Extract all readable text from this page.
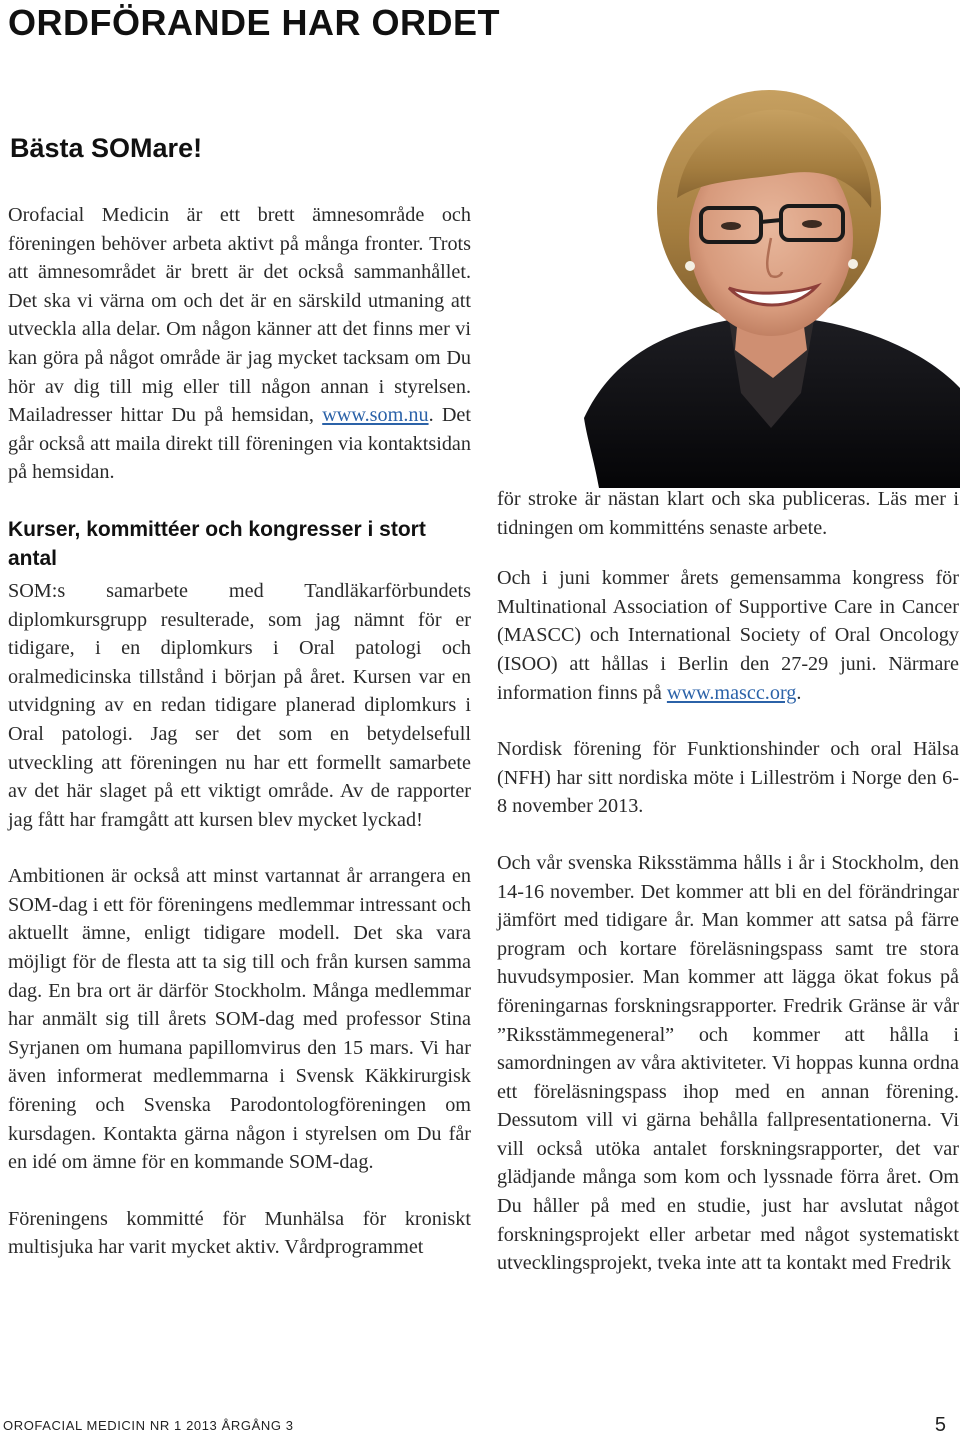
ORDFÖRANDE HAR ORDET
Bästa SOMare!

Orofacial Medicin är ett brett ämnesområde och föreningen behöver arbeta aktivt på många fronter. Trots att ämnesområdet är brett är det också sammanhållet. Det ska vi värna om och det är en särskild utmaning att utveckla alla delar. Om någon känner att det finns mer vi kan göra på något område är jag mycket tacksam om Du hör av dig till mig eller till någon annan i styrelsen. Mailadresser hittar Du på hemsidan, www.som.nu. Det går också att maila direkt till föreningen via kontaktsidan på hemsidan.

Kurser, kommittéer och kongresser i stort antal

SOM:s samarbete med Tandläkarförbundets diplomkursgrupp resulterade, som jag nämnt för er tidigare, i en diplomkurs i Oral patologi och oralmedicinska tillstånd i början på året. Kursen var en utvidgning av en redan tidigare planerad diplomkurs i Oral patologi. Jag ser det som en betydelsefull utveckling att föreningen nu har ett formellt samarbete av det här slaget på ett viktigt område. Av de rapporter jag fått har framgått att kursen blev mycket lyckad!

Ambitionen är också att minst vartannat år arrangera en SOM-dag i ett för föreningens medlemmar intressant och aktuellt ämne, enligt tidigare modell. Det ska vara möjligt för de flesta att ta sig till och från kursen samma dag. En bra ort är därför Stockholm. Många medlemmar har anmält sig till årets SOM-dag med professor Stina Syrjanen om humana papillomvirus den 15 mars. Vi har även informerat medlemmarna i Svensk Käkkirurgisk förening och Svenska Parodontologföreningen om kursdagen. Kontakta gärna någon i styrelsen om Du får en idé om ämne för en kommande SOM-dag.

Föreningens kommitté för Munhälsa för kroniskt multisjuka har varit mycket aktiv. Vårdprogrammet

för stroke är nästan klart och ska publiceras. Läs mer i tidningen om kommitténs senaste arbete.

Och i juni kommer årets gemensamma kongress för Multinational Association of Supportive Care in Cancer (MASCC) och International Society of Oral Oncology (ISOO) att hållas i Berlin den 27-29 juni. Närmare information finns på www.mascc.org.

Nordisk förening för Funktionshinder och oral Hälsa (NFH) har sitt nordiska möte i Lilleström i Norge den 6-8 november 2013.

Och vår svenska Riksstämma hålls i år i Stockholm, den 14-16 november. Det kommer att bli en del förändringar jämfört med tidigare år. Man kommer att satsa på färre program och kortare föreläsningspass samt tre stora huvudsymposier. Man kommer att lägga ökat fokus på föreningarnas forskningsrapporter. Fredrik Gränse är vår ”Riksstämmegeneral” och kommer att hålla i samordningen av våra aktiviteter. Vi hoppas kunna ordna ett föreläsningspass ihop med en annan förening. Dessutom vill vi gärna behålla fallpresentationerna. Vi vill också utöka antalet forskningsrapporter, det var glädjande många som kom och lyssnade förra året. Om Du håller på med en studie, just har avslutat något forskningsprojekt eller arbetar med något systematiskt utvecklingsprojekt, tveka inte att ta kontakt med Fredrik

OROFACIAL MEDICIN NR 1 2013 ÅRGÅNG 3	5
